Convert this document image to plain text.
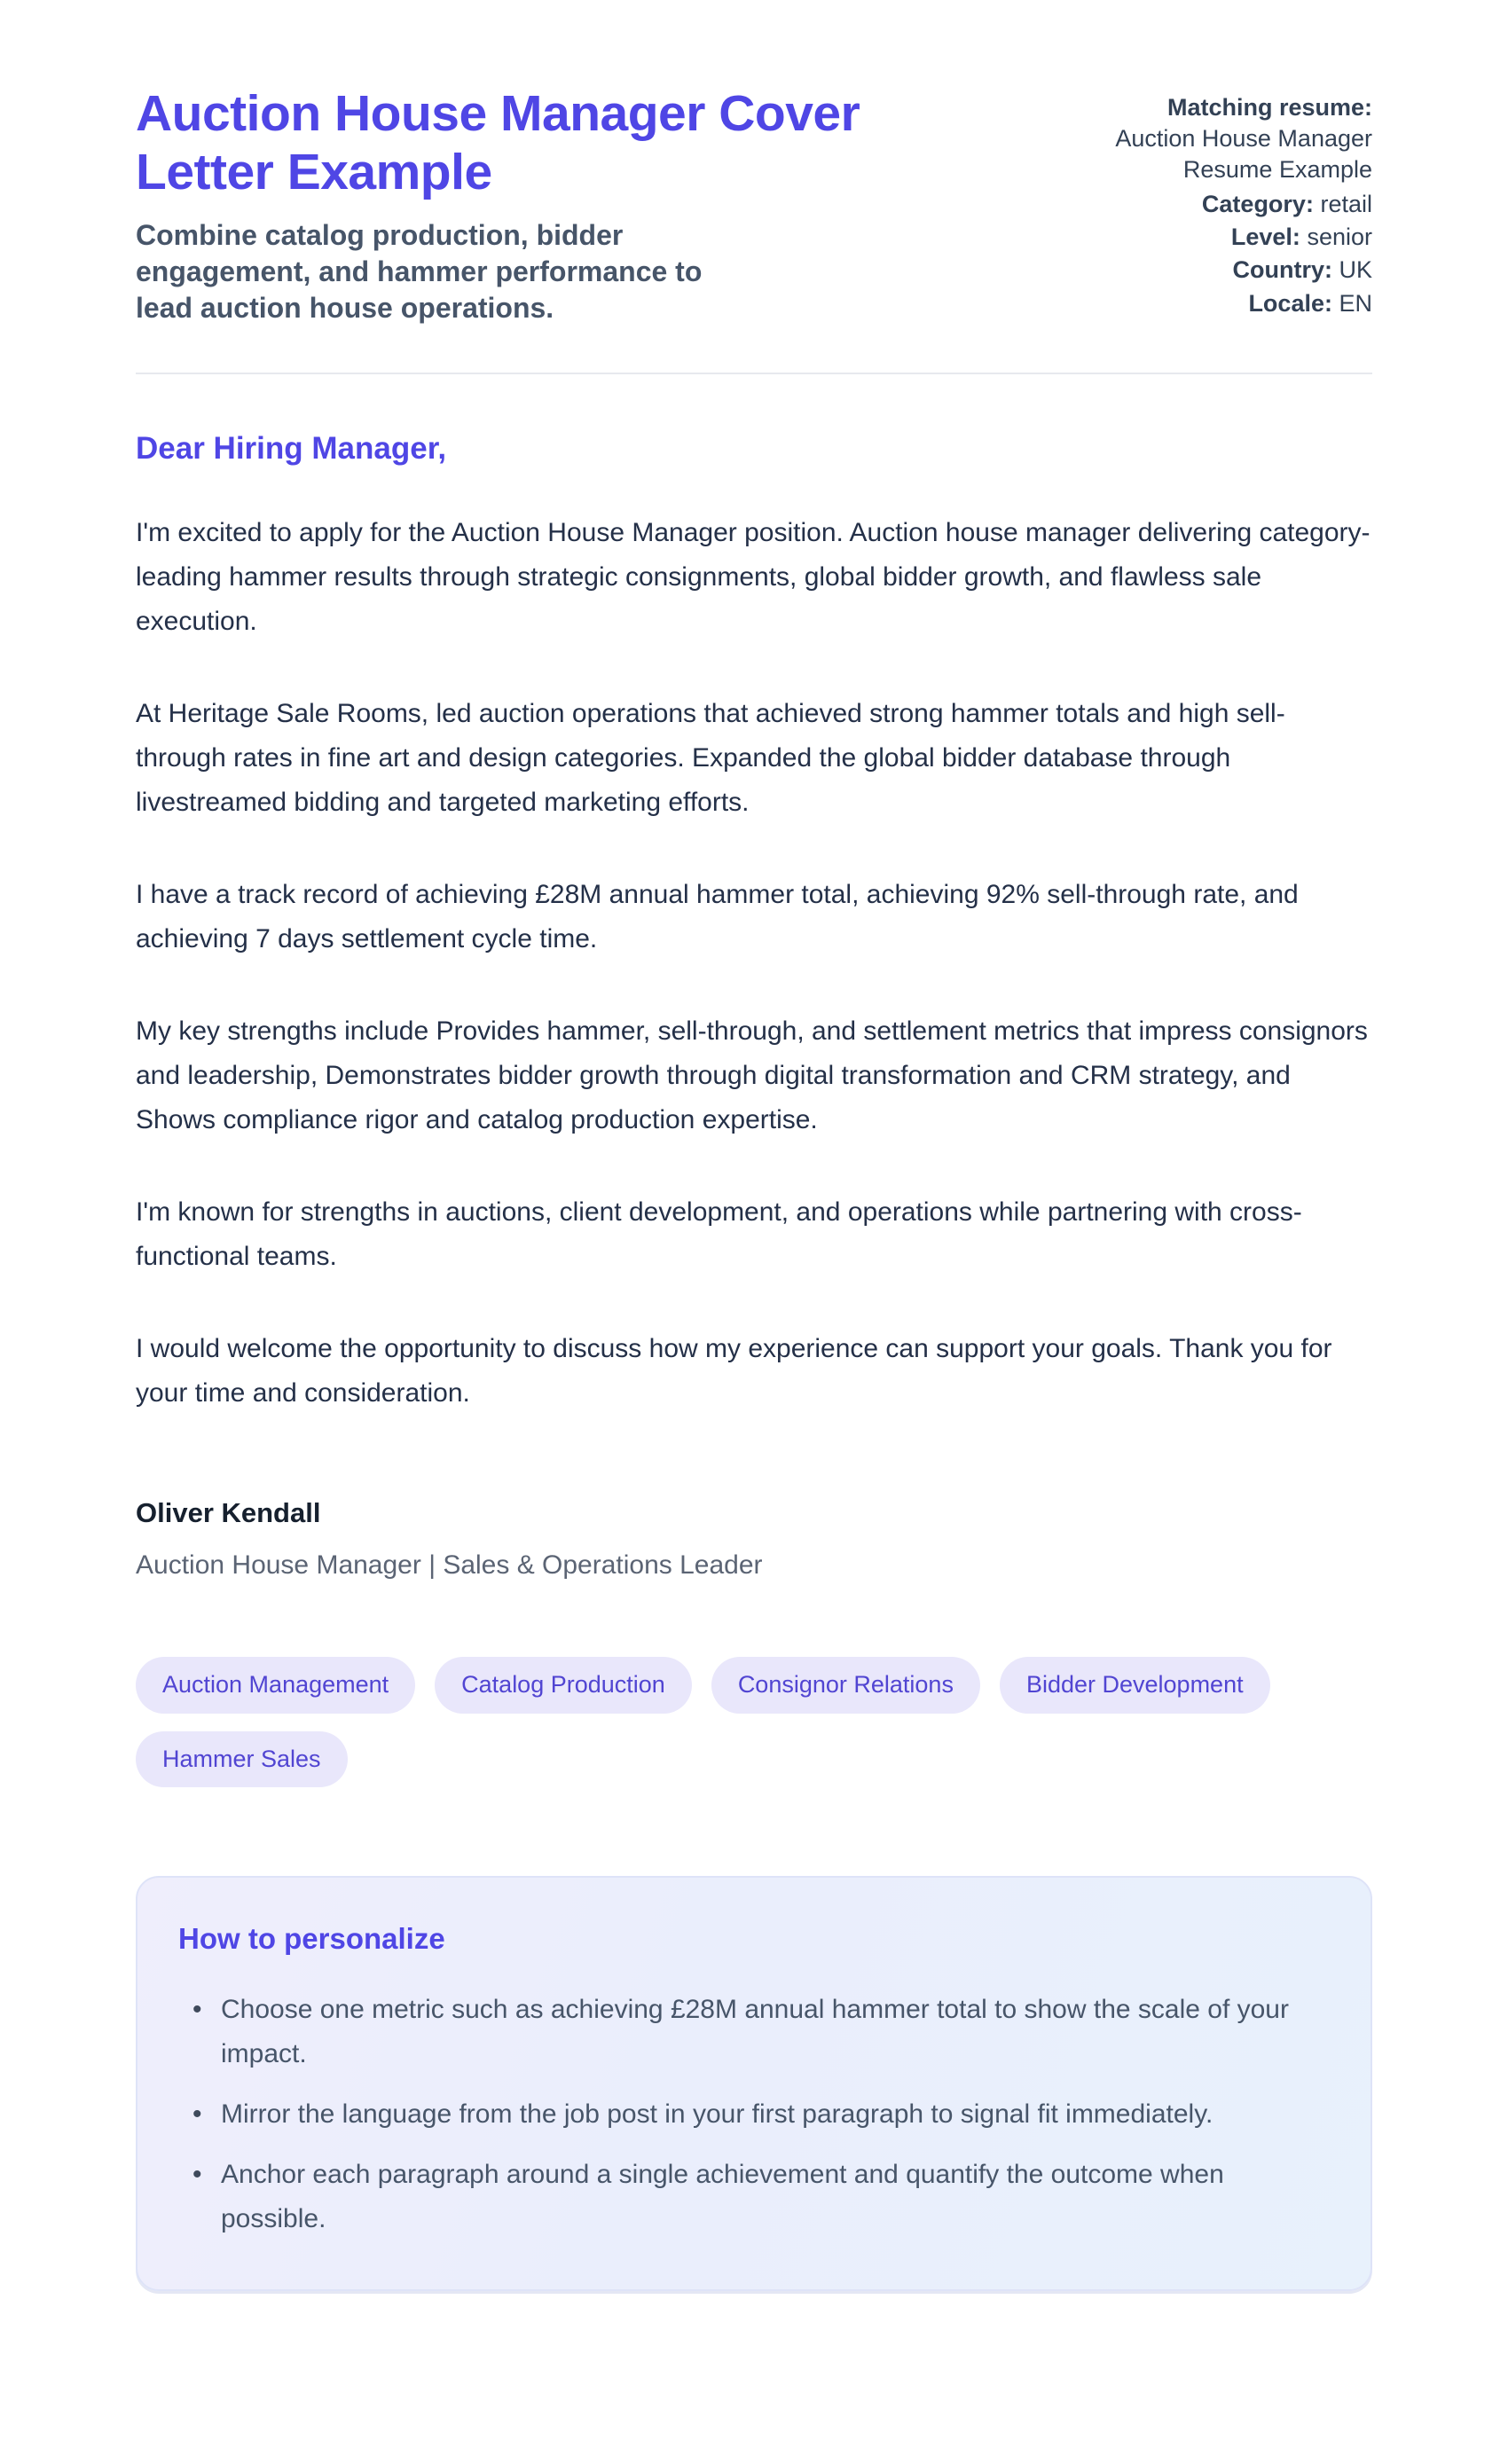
Auction House Manager Cover Letter Example
Combine catalog production, bidder engagement, and hammer performance to lead auction house operations.
Matching resume: Auction House Manager Resume Example
Category: retail
Level: senior
Country: UK
Locale: EN
Dear Hiring Manager,

I'm excited to apply for the Auction House Manager position. Auction house manager delivering category-leading hammer results through strategic consignments, global bidder growth, and flawless sale execution.

At Heritage Sale Rooms, led auction operations that achieved strong hammer totals and high sell-through rates in fine art and design categories. Expanded the global bidder database through livestreamed bidding and targeted marketing efforts.

I have a track record of achieving £28M annual hammer total, achieving 92% sell-through rate, and achieving 7 days settlement cycle time.

My key strengths include Provides hammer, sell-through, and settlement metrics that impress consignors and leadership, Demonstrates bidder growth through digital transformation and CRM strategy, and Shows compliance rigor and catalog production expertise.

I'm known for strengths in auctions, client development, and operations while partnering with cross-functional teams.

I would welcome the opportunity to discuss how my experience can support your goals. Thank you for your time and consideration.

Oliver Kendall
Auction House Manager | Sales & Operations Leader
Auction Management	Catalog Production	Consignor Relations	Bidder Development
Hammer Sales
How to personalize
• Choose one metric such as achieving £28M annual hammer total to show the scale of your impact.
• Mirror the language from the job post in your first paragraph to signal fit immediately.
• Anchor each paragraph around a single achievement and quantify the outcome when possible.
